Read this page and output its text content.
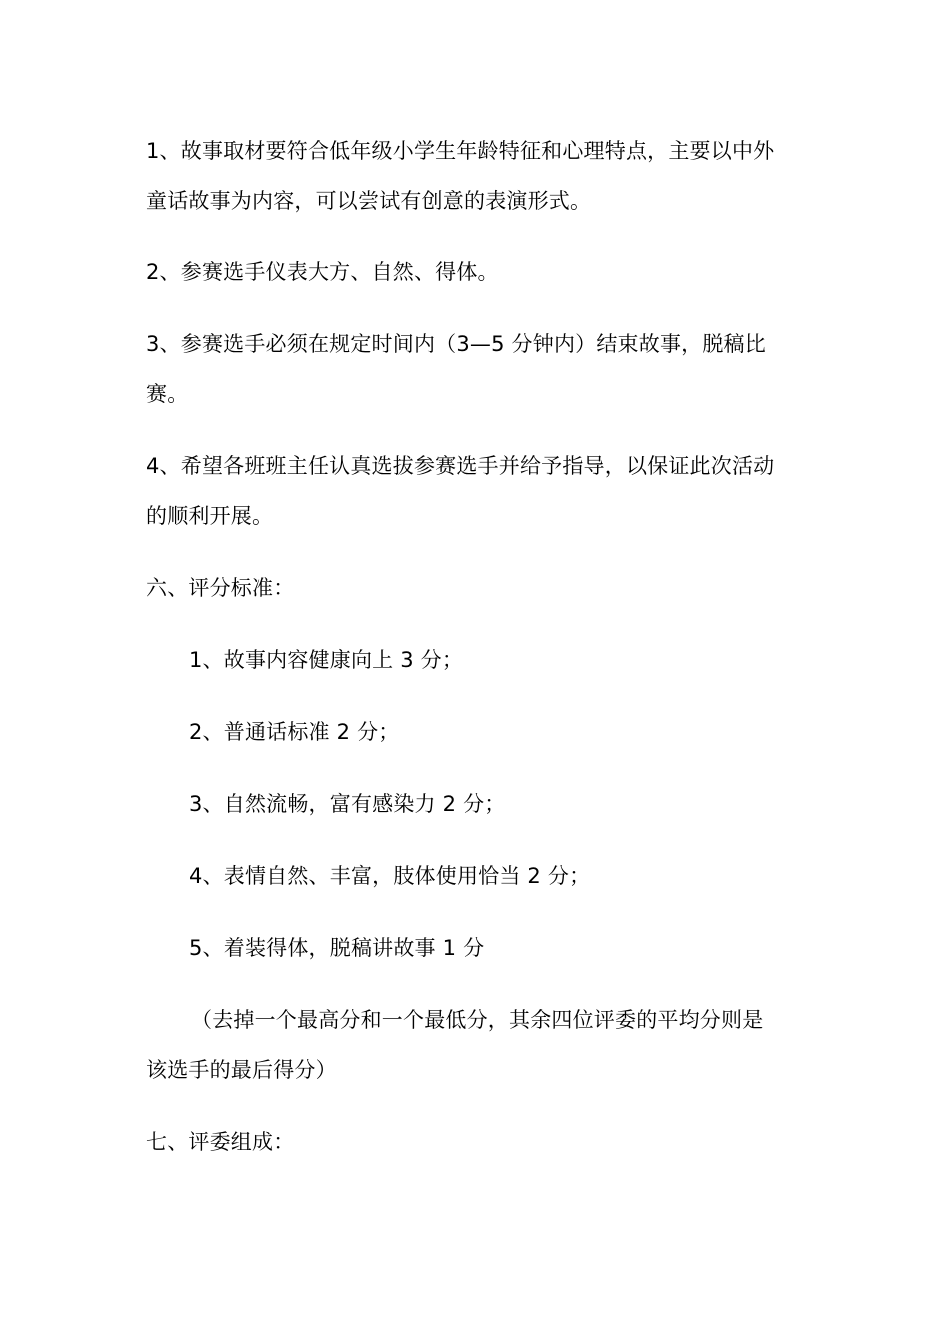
1、故事取材要符合低年级小学生年龄特征和心理特点，主要以中外
童话故事为内容，可以尝试有创意的表演形式。
2、参赛选手仪表大方、自然、得体。
3、参赛选手必须在规定时间内（3—5 分钟内）结束故事，脱稿比
赛。
4、希望各班班主任认真选拔参赛选手并给予指导，以保证此次活动
的顺利开展。
六、评分标准：
1、故事内容健康向上 3 分；
2、普通话标准 2 分；
3、自然流畅，富有感染力 2 分；
4、表情自然、丰富，肢体使用恰当 2 分；
5、着装得体，脱稿讲故事 1 分
（去掉一个最高分和一个最低分，其余四位评委的平均分则是
该选手的最后得分）
七、评委组成：
